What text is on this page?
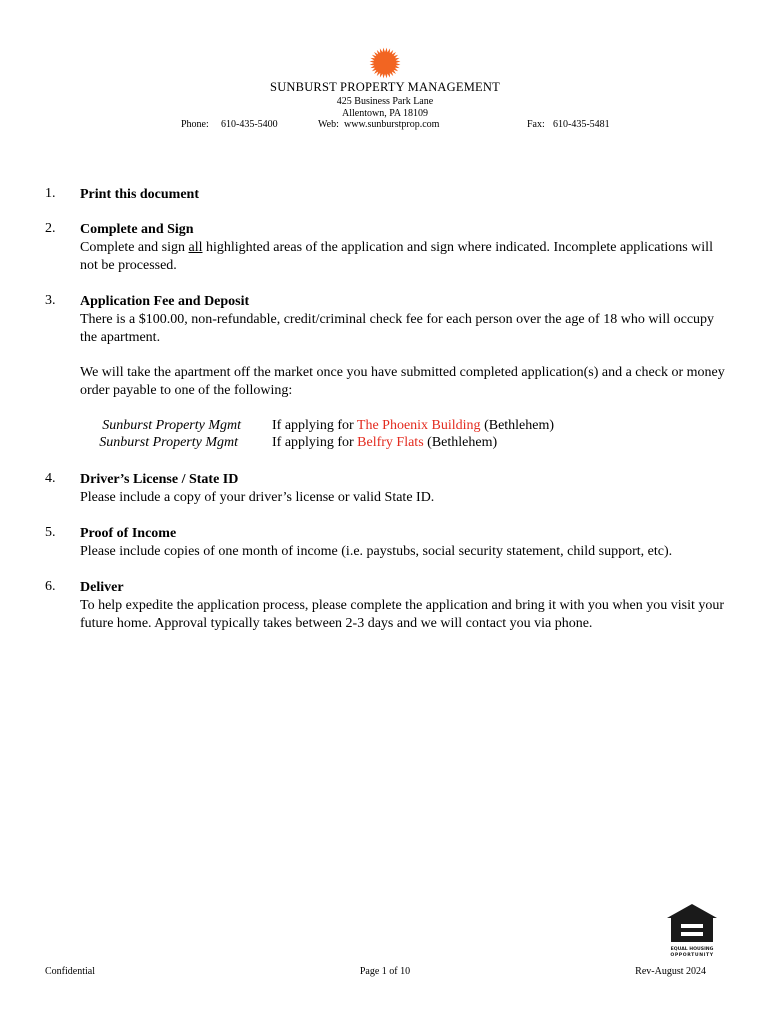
SUNBURST PROPERTY MANAGEMENT
425 Business Park Lane
Allentown, PA 18109
Phone: 610-435-5400	Web: www.sunburstprop.com	Fax: 610-435-5481
1. Print this document
2. Complete and Sign
Complete and sign all highlighted areas of the application and sign where indicated. Incomplete applications will not be processed.
3. Application Fee and Deposit
There is a $100.00, non-refundable, credit/criminal check fee for each person over the age of 18 who will occupy the apartment.
We will take the apartment off the market once you have submitted completed application(s) and a check or money order payable to one of the following:
Sunburst Property Mgmt If applying for The Phoenix Building (Bethlehem)
Sunburst Property Mgmt If applying for Belfry Flats (Bethlehem)
4. Driver’s License / State ID
Please include a copy of your driver’s license or valid State ID.
5. Proof of Income
Please include copies of one month of income (i.e. paystubs, social security statement, child support, etc).
6. Deliver
To help expedite the application process, please complete the application and bring it with you when you visit your future home. Approval typically takes between 2-3 days and we will contact you via phone.
EQUAL HOUSING
OPPORTUNITY
Confidential	Page 1 of 10	Rev-August 2024
